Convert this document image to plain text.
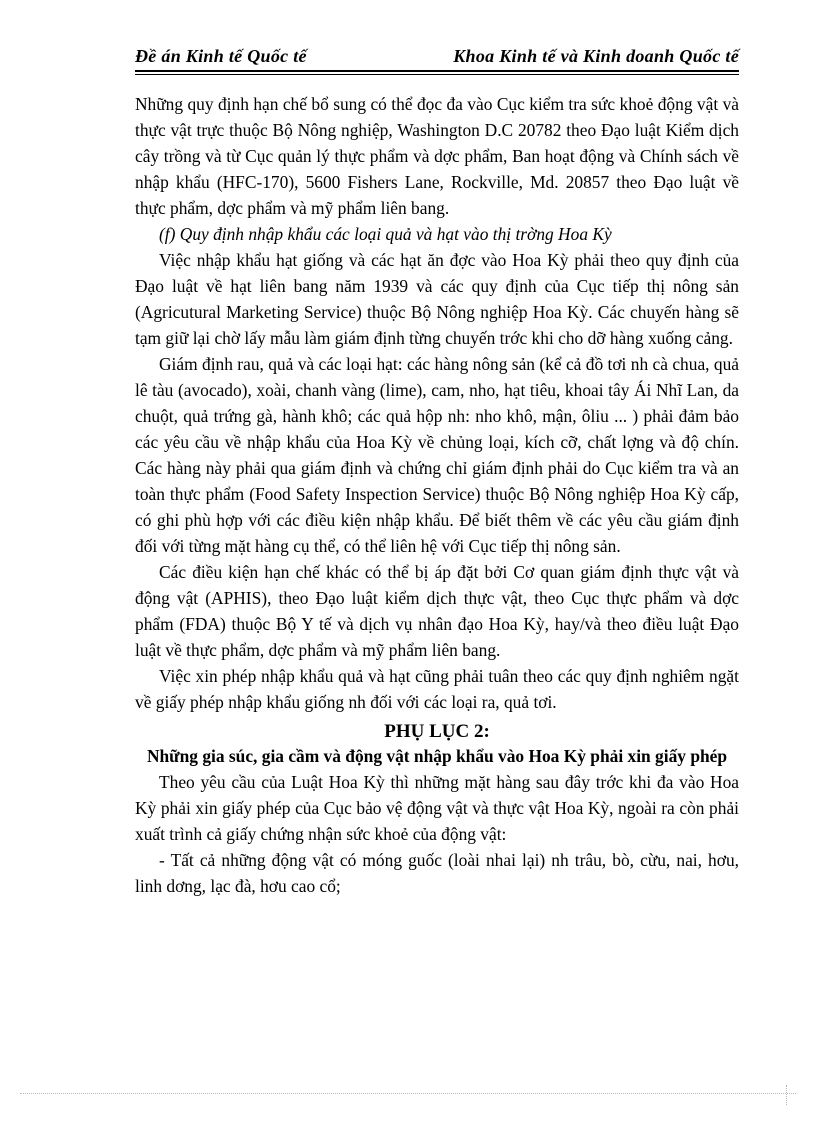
Đề án Kinh tế Quốc tế	Khoa Kinh tế và Kinh doanh Quốc tế

Những quy định hạn chế bổ sung có thể đọc đa vào Cục kiểm tra sức khoẻ động vật và thực vật trực thuộc Bộ Nông nghiệp, Washington D.C 20782 theo Đạo luật Kiểm dịch cây trồng và từ Cục quản lý thực phẩm và dợc phẩm, Ban hoạt động và Chính sách về nhập khẩu (HFC-170), 5600 Fishers Lane, Rockville, Md. 20857 theo Đạo luật về thực phẩm, dợc phẩm và mỹ phẩm liên bang.

(f) Quy định nhập khẩu các loại quả và hạt vào thị trờng Hoa Kỳ

Việc nhập khẩu hạt giống và các hạt ăn đợc vào Hoa Kỳ phải theo quy định của Đạo luật về hạt liên bang năm 1939 và các quy định của Cục tiếp thị nông sản (Agricutural Marketing Service) thuộc Bộ Nông nghiệp Hoa Kỳ. Các chuyến hàng sẽ tạm giữ lại chờ lấy mẫu làm giám định từng chuyến trớc khi cho dỡ hàng xuống cảng.

Giám định rau, quả và các loại hạt: các hàng nông sản (kể cả đồ tơi nh cà chua, quả lê tàu (avocado), xoài, chanh vàng (lime), cam, nho, hạt tiêu, khoai tây Ái Nhĩ Lan, da chuột, quả trứng gà, hành khô; các quả hộp nh: nho khô, mận, ôliu ... ) phải đảm bảo các yêu cầu về nhập khẩu của Hoa Kỳ về chủng loại, kích cỡ, chất lợng và độ chín. Các hàng này phải qua giám định và chứng chỉ giám định phải do Cục kiểm tra và an toàn thực phẩm (Food Safety Inspection Service) thuộc Bộ Nông nghiệp Hoa Kỳ cấp, có ghi phù hợp với các điều kiện nhập khẩu. Để biết thêm về các yêu cầu giám định đối với từng mặt hàng cụ thể, có thể liên hệ với Cục tiếp thị nông sản.

Các điều kiện hạn chế khác có thể bị áp đặt bởi Cơ quan giám định thực vật và động vật (APHIS), theo Đạo luật kiểm dịch thực vật, theo Cục thực phẩm và dợc phẩm (FDA) thuộc Bộ Y tế và dịch vụ nhân đạo Hoa Kỳ, hay/và theo điều luật Đạo luật về thực phẩm, dợc phẩm và mỹ phẩm liên bang.

Việc xin phép nhập khẩu quả và hạt cũng phải tuân theo các quy định nghiêm ngặt về giấy phép nhập khẩu giống nh đối với các loại ra, quả tơi.

PHỤ LỤC 2:

Những gia súc, gia cầm và động vật nhập khẩu vào Hoa Kỳ phải xin giấy phép

Theo yêu cầu của Luật Hoa Kỳ thì những mặt hàng sau đây trớc khi đa vào Hoa Kỳ phải xin giấy phép của Cục bảo vệ động vật và thực vật Hoa Kỳ, ngoài ra còn phải xuất trình cả giấy chứng nhận sức khoẻ của động vật:

- Tất cả những động vật có móng guốc (loài nhai lại) nh trâu, bò, cừu, nai, hơu, linh dơng, lạc đà, hơu cao cổ;
